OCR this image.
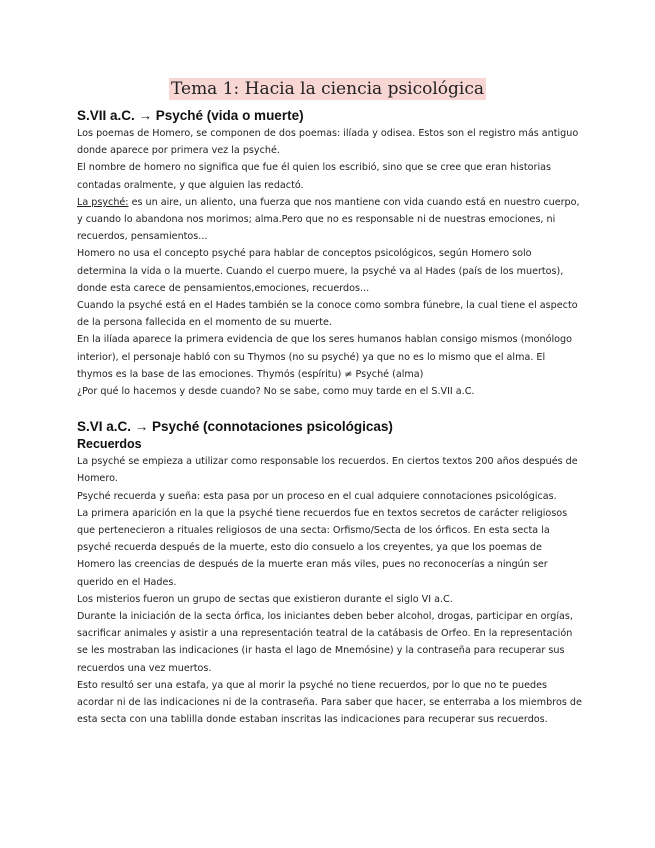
Tema 1: Hacia la ciencia psicológica
S.VII a.C. → Psyché (vida o muerte)

Los poemas de Homero, se componen de dos poemas: ilíada y odisea. Estos son el registro más antiguo donde aparece por primera vez la psyché.

El nombre de homero no significa que fue él quien los escribió, sino que se cree que eran historias contadas oralmente, y que alguien las redactó.

La psyché: es un aire, un aliento, una fuerza que nos mantiene con vida cuando está en nuestro cuerpo, y cuando lo abandona nos morimos; alma.Pero que no es responsable ni de nuestras emociones, ni recuerdos, pensamientos...

Homero no usa el concepto psyché para hablar de conceptos psicológicos, según Homero solo determina la vida o la muerte. Cuando el cuerpo muere, la psyché va al Hades (país de los muertos), donde esta carece de pensamientos,emociones, recuerdos...

Cuando la psyché está en el Hades también se la conoce como sombra fúnebre, la cual tiene el aspecto de la persona fallecida en el momento de su muerte.

En la ilíada aparece la primera evidencia de que los seres humanos hablan consigo mismos (monólogo interior), el personaje habló con su Thymos (no su psyché) ya que no es lo mismo que el alma. El thymos es la base de las emociones. Thymós (espíritu) ≠ Psyché (alma)

¿Por qué lo hacemos y desde cuando? No se sabe, como muy tarde en el S.VII a.C.

S.VI a.C. → Psyché (connotaciones psicológicas)
Recuerdos

La psyché se empieza a utilizar como responsable los recuerdos. En ciertos textos 200 años después de Homero.

Psyché recuerda y sueña: esta pasa por un proceso en el cual adquiere connotaciones psicológicas.

La primera aparición en la que la psyché tiene recuerdos fue en textos secretos de carácter religiosos que pertenecieron a rituales religiosos de una secta: Orfismo/Secta de los órficos. En esta secta la psyché recuerda después de la muerte, esto dio consuelo a los creyentes, ya que los poemas de Homero las creencias de después de la muerte eran más viles, pues no reconocerías a ningún ser querido en el Hades.

Los misterios fueron un grupo de sectas que existieron durante el siglo VI a.C.

Durante la iniciación de la secta órfica, los iniciantes deben beber alcohol, drogas, participar en orgías, sacrificar animales y asistir a una representación teatral de la catábasis de Orfeo. En la representación se les mostraban las indicaciones (ir hasta el lago de Mnemósine) y la contraseña para recuperar sus recuerdos una vez muertos.

Esto resultó ser una estafa, ya que al morir la psyché no tiene recuerdos, por lo que no te puedes acordar ni de las indicaciones ni de la contraseña. Para saber que hacer, se enterraba a los miembros de esta secta con una tablilla donde estaban inscritas las indicaciones para recuperar sus recuerdos.
